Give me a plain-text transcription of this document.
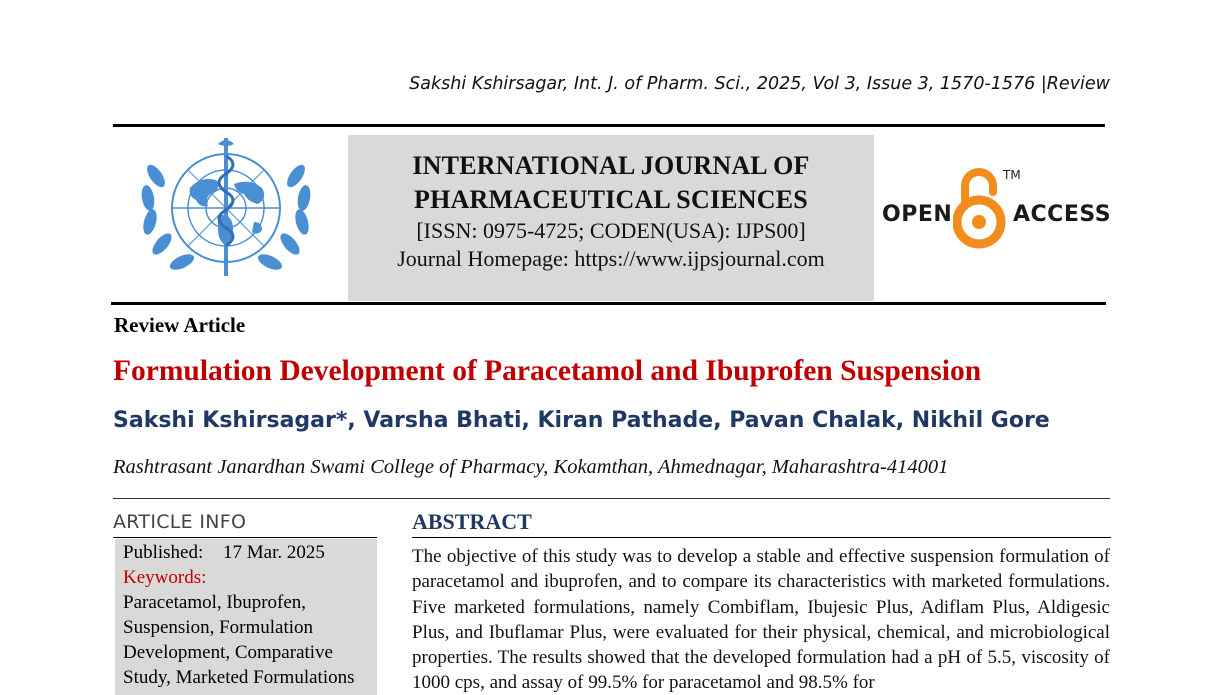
Sakshi Kshirsagar, Int. J. of Pharm. Sci., 2025, Vol 3, Issue 3, 1570-1576 |Review
INTERNATIONAL JOURNAL OF
PHARMACEUTICAL SCIENCES
[ISSN: 0975-4725; CODEN(USA): IJPS00]
Journal Homepage: https://www.ijpsjournal.com
OPEN
TM
ACCESS
Review Article
Formulation Development of Paracetamol and Ibuprofen Suspension
Sakshi Kshirsagar*, Varsha Bhati, Kiran Pathade, Pavan Chalak, Nikhil Gore
Rashtrasant Janardhan Swami College of Pharmacy, Kokamthan, Ahmednagar, Maharashtra-414001
ARTICLE INFO
Published: 17 Mar. 2025
Keywords:
Paracetamol, Ibuprofen, Suspension, Formulation Development, Comparative Study, Marketed Formulations
ABSTRACT
The objective of this study was to develop a stable and effective suspension formulation of paracetamol and ibuprofen, and to compare its characteristics with marketed formulations. Five marketed formulations, namely Combiflam, Ibujesic Plus, Adiflam Plus, Aldigesic Plus, and Ibuflamar Plus, were evaluated for their physical, chemical, and microbiological properties. The results showed that the developed formulation had a pH of 5.5, viscosity of 1000 cps, and assay of 99.5% for paracetamol and 98.5% for
